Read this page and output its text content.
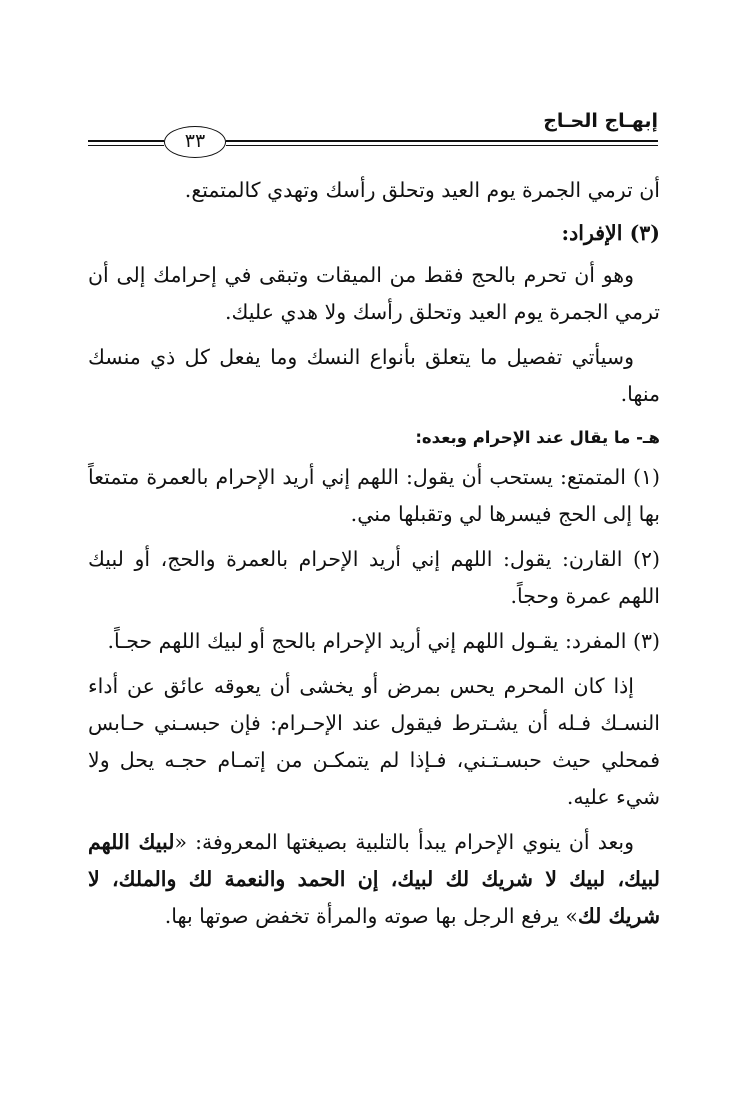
إبهـاج الحـاج
٣٣

أن ترمي الجمرة يوم العيد وتحلق رأسك وتهدي كالمتمتع.

(٣) الإفراد:

وهو أن تحرم بالحج فقط من الميقات وتبقى في إحرامك إلى أن ترمي الجمرة يوم العيد وتحلق رأسك ولا هدي عليك.

وسيأتي تفصيل ما يتعلق بأنواع النسك وما يفعل كل ذي منسك منها.

هـ- ما يقال عند الإحرام وبعده:

(١) المتمتع: يستحب أن يقول: اللهم إني أريد الإحرام بالعمرة متمتعاً بها إلى الحج فيسرها لي وتقبلها مني.

(٢) القارن: يقول: اللهم إني أريد الإحرام بالعمرة والحج، أو لبيك اللهم عمرة وحجاً.

(٣) المفرد: يقـول اللهم إني أريد الإحرام بالحج أو لبيك اللهم حجـاً.

إذا كان المحرم يحس بمرض أو يخشى أن يعوقه عائق عن أداء النسـك فـله أن يشـترط فيقول عند الإحـرام: فإن حبسـني حـابس فمحلي حيث حبسـتـني، فـإذا لم يتمكـن من إتمـام حجـه يحل ولا شيء عليه.

وبعد أن ينوي الإحرام يبدأ بالتلبية بصيغتها المعروفة: «لبيك اللهم لبيك، لبيك لا شريك لك لبيك، إن الحمد والنعمة لك والملك، لا شريك لك» يرفع الرجل بها صوته والمرأة تخفض صوتها بها.
